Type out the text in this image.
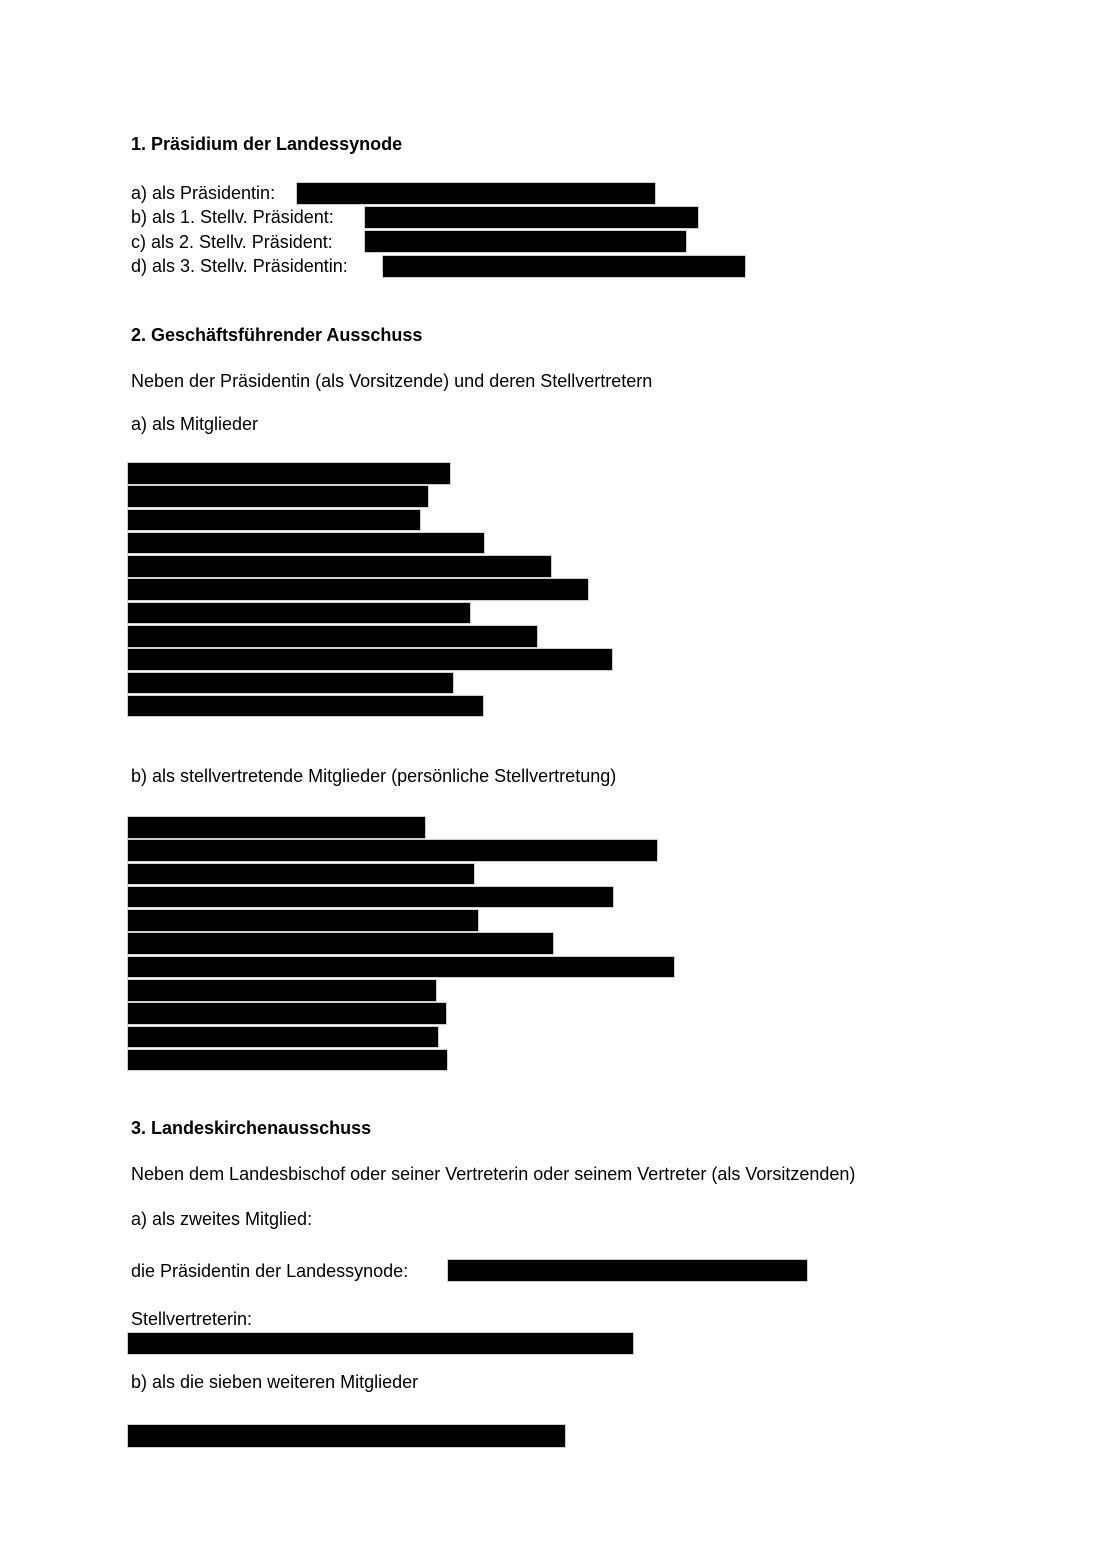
1. Präsidium der Landessynode
a) als Präsidentin:
b) als 1. Stellv. Präsident:
c) als 2. Stellv. Präsident:
d) als 3. Stellv. Präsidentin:
2. Geschäftsführender Ausschuss
Neben der Präsidentin (als Vorsitzende) und deren Stellvertretern
a) als Mitglieder
b) als stellvertretende Mitglieder (persönliche Stellvertretung)
3. Landeskirchenausschuss
Neben dem Landesbischof oder seiner Vertreterin oder seinem Vertreter (als Vorsitzenden)
a) als zweites Mitglied:
die Präsidentin der Landessynode:
Stellvertreterin:
b) als die sieben weiteren Mitglieder
